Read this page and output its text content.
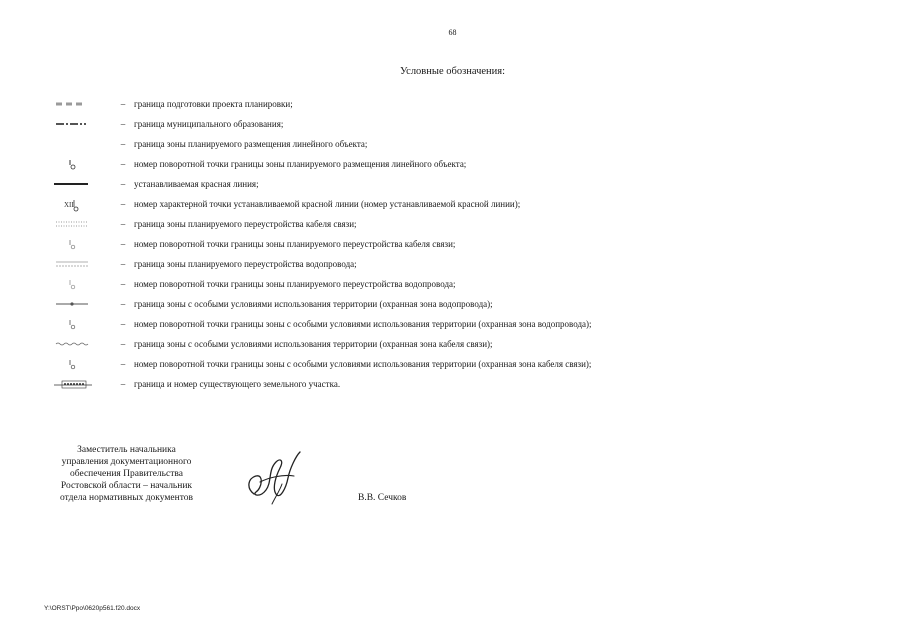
68
Условные обозначения:
– граница подготовки проекта планировки;
– граница муниципального образования;
– граница зоны планируемого размещения линейного объекта;
– номер поворотной точки границы зоны планируемого размещения линейного объекта;
– устанавливаемая красная линия;
XII	– номер характерной точки устанавливаемой красной линии (номер устанавливаемой красной линии);
– граница зоны планируемого переустройства кабеля связи;
– номер поворотной точки границы зоны планируемого переустройства кабеля связи;
– граница зоны планируемого переустройства водопровода;
– номер поворотной точки границы зоны планируемого переустройства водопровода;
– граница зоны с особыми условиями использования территории (охранная зона водопровода);
– номер поворотной точки границы зоны с особыми условиями использования территории (охранная зона водопровода);
– граница зоны с особыми условиями использования территории (охранная зона кабеля связи);
– номер поворотной точки границы зоны с особыми условиями использования территории (охранная зона кабеля связи);
– граница и номер существующего земельного участка.
Заместитель начальника
управления документационного
обеспечения Правительства
Ростовской области – начальник
отдела нормативных документов	В.В. Сечков
Y:\ORST\Ppo\0620p561.f20.docx
